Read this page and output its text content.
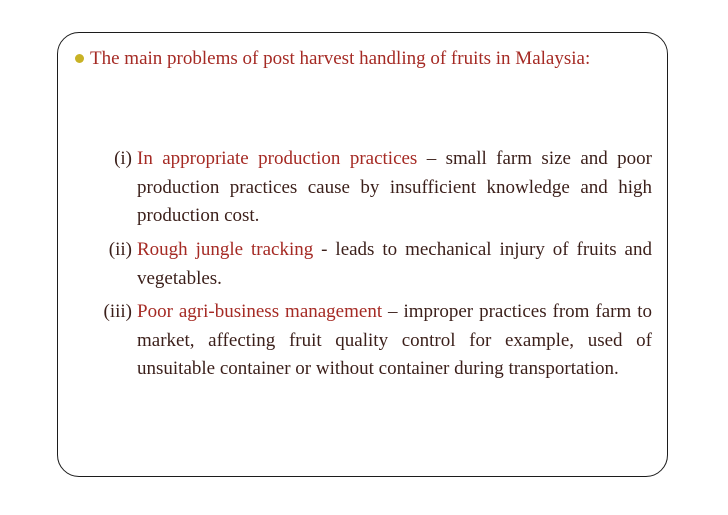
The main problems of post harvest handling of fruits in Malaysia:
(i) In appropriate production practices – small farm size and poor production practices cause by insufficient knowledge and high production cost.
(ii) Rough jungle tracking - leads to mechanical injury of fruits and vegetables.
(iii) Poor agri-business management – improper practices from farm to market, affecting fruit quality control for example, used of unsuitable container or without container during transportation.
